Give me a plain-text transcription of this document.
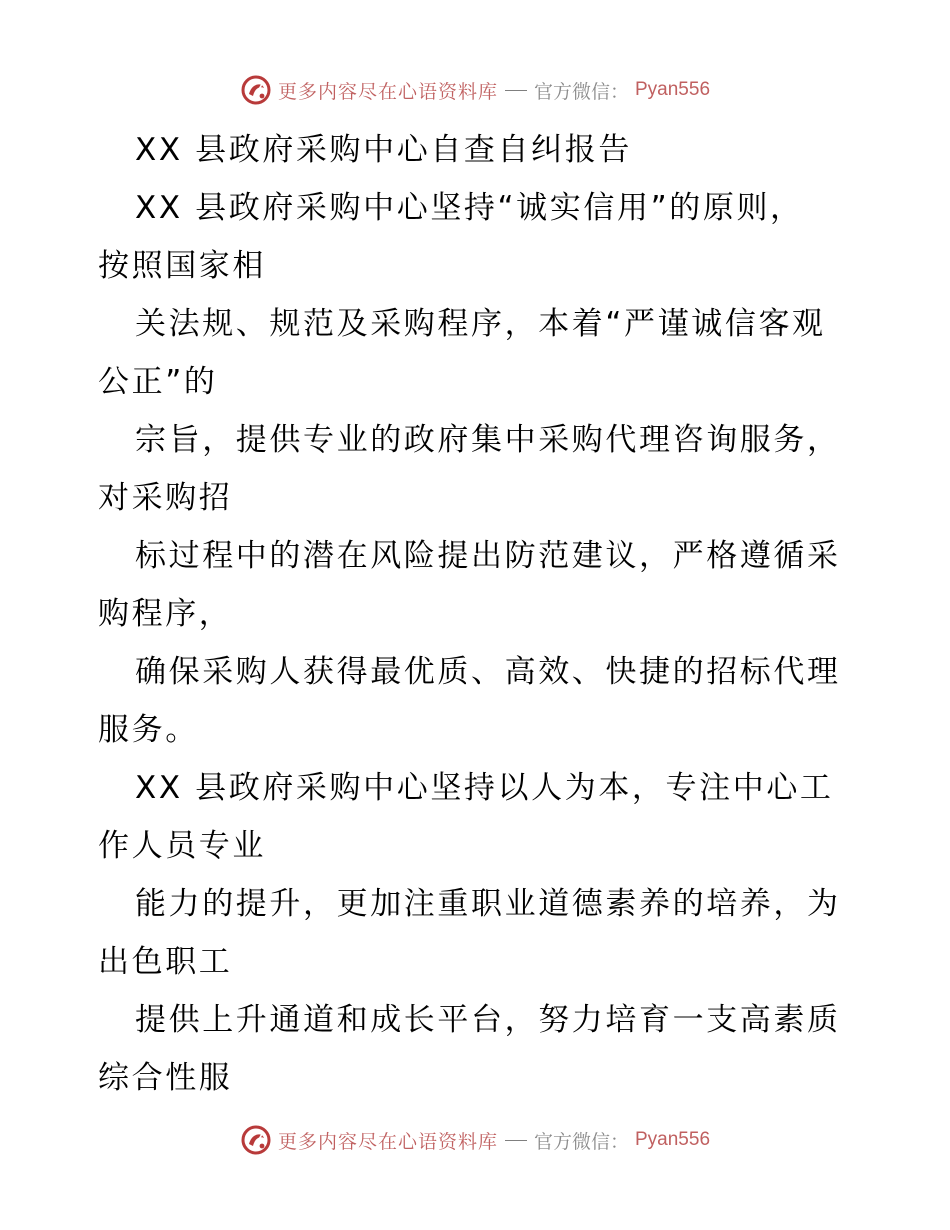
更多内容尽在心语资料库 官方微信： Pyan556
XX 县政府采购中心自查自纠报告
XX 县政府采购中心坚持“诚实信用”的原则，
按照国家相
关法规、规范及采购程序，本着“严谨诚信客观
公正”的
宗旨，提供专业的政府集中采购代理咨询服务，
对采购招
标过程中的潜在风险提出防范建议，严格遵循采
购程序，
确保采购人获得最优质、高效、快捷的招标代理
服务。
XX 县政府采购中心坚持以人为本，专注中心工
作人员专业
能力的提升，更加注重职业道德素养的培养，为
出色职工
提供上升通道和成长平台，努力培育一支高素质
综合性服
更多内容尽在心语资料库 官方微信： Pyan556
